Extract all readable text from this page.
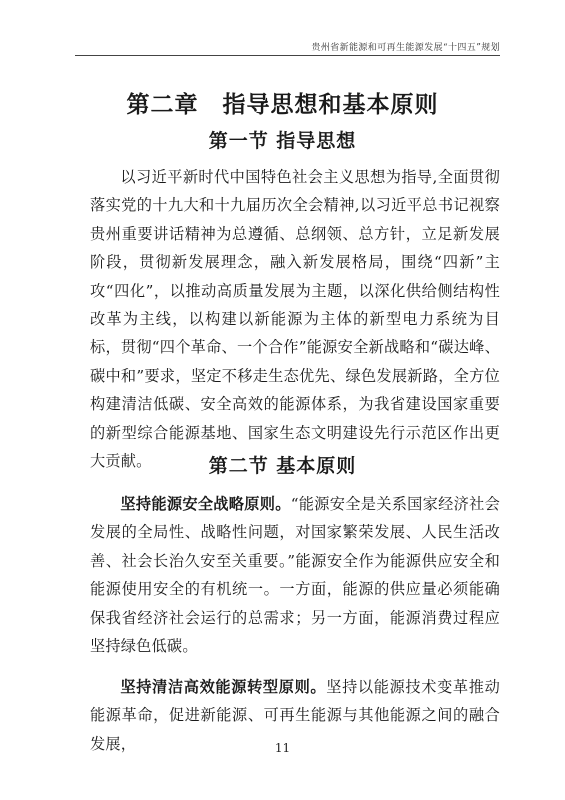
贵州省新能源和可再生能源发展“十四五”规划
第二章　指导思想和基本原则
第一节 指导思想

以习近平新时代中国特色社会主义思想为指导,全面贯彻落实党的十九大和十九届历次全会精神,以习近平总书记视察贵州重要讲话精神为总遵循、总纲领、总方针，立足新发展阶段，贯彻新发展理念，融入新发展格局，围绕“四新”主攻“四化”，以推动高质量发展为主题，以深化供给侧结构性改革为主线，以构建以新能源为主体的新型电力系统为目标，贯彻“四个革命、一个合作”能源安全新战略和“碳达峰、碳中和”要求，坚定不移走生态优先、绿色发展新路，全方位构建清洁低碳、安全高效的能源体系，为我省建设国家重要的新型综合能源基地、国家生态文明建设先行示范区作出更大贡献。	第二节 基本原则

坚持能源安全战略原则。“能源安全是关系国家经济社会发展的全局性、战略性问题，对国家繁荣发展、人民生活改善、社会长治久安至关重要。”能源安全作为能源供应安全和能源使用安全的有机统一。一方面，能源的供应量必须能确保我省经济社会运行的总需求；另一方面，能源消费过程应坚持绿色低碳。

坚持清洁高效能源转型原则。坚持以能源技术变革推动能源革命，促进新能源、可再生能源与其他能源之间的融合发展，	11
